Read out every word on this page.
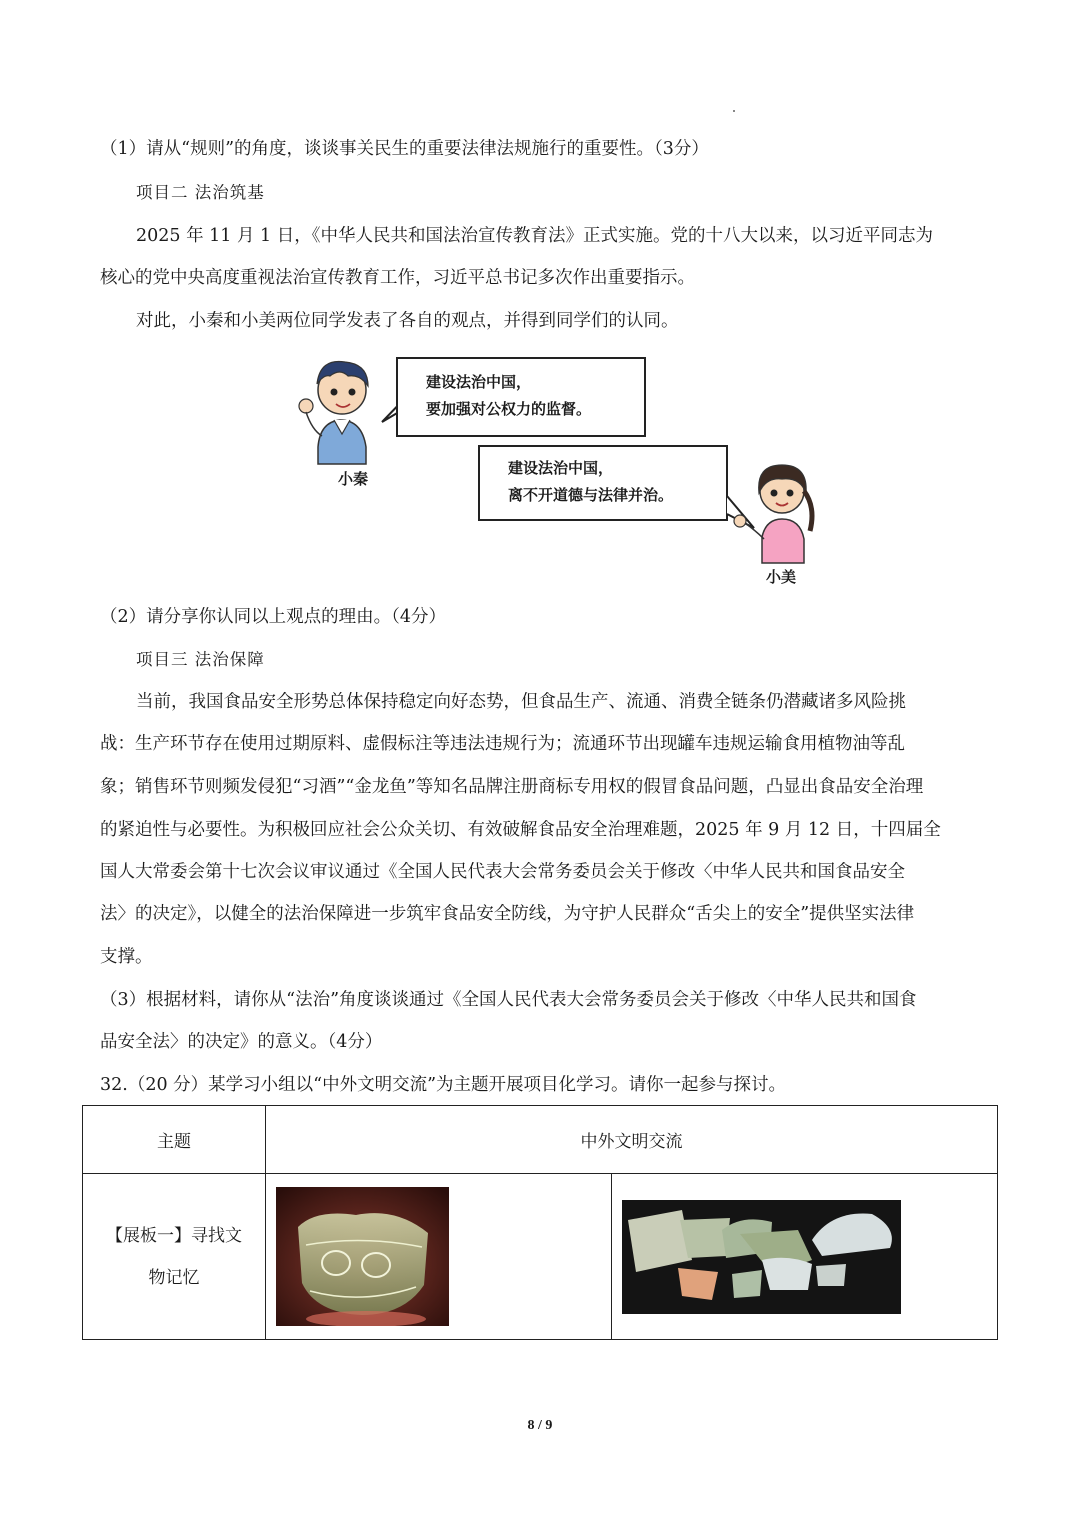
（1）请从“规则”的角度，谈谈事关民生的重要法律法规施行的重要性。（3分）
项目二 法治筑基
2025 年 11 月 1 日，《中华人民共和国法治宣传教育法》正式实施。党的十八大以来，以习近平同志为
核心的党中央高度重视法治宣传教育工作，习近平总书记多次作出重要指示。
对此，小秦和小美两位同学发表了各自的观点，并得到同学们的认同。
小秦
建设法治中国，
要加强对公权力的监督。
建设法治中国，
离不开道德与法律并治。
小美
（2）请分享你认同以上观点的理由。（4分）
项目三 法治保障
当前，我国食品安全形势总体保持稳定向好态势，但食品生产、流通、消费全链条仍潜藏诸多风险挑
战：生产环节存在使用过期原料、虚假标注等违法违规行为；流通环节出现罐车违规运输食用植物油等乱
象；销售环节则频发侵犯“习酒”“金龙鱼”等知名品牌注册商标专用权的假冒食品问题，凸显出食品安全治理
的紧迫性与必要性。为积极回应社会公众关切、有效破解食品安全治理难题，2025 年 9 月 12 日，十四届全
国人大常委会第十七次会议审议通过《全国人民代表大会常务委员会关于修改〈中华人民共和国食品安全
法〉的决定》，以健全的法治保障进一步筑牢食品安全防线，为守护人民群众“舌尖上的安全”提供坚实法律
支撑。
（3）根据材料，请你从“法治”角度谈谈通过《全国人民代表大会常务委员会关于修改〈中华人民共和国食
品安全法〉的决定》的意义。（4分）
32.（20 分）某学习小组以“中外文明交流”为主题开展项目化学习。请你一起参与探讨。
主题	中外文明交流	

【展板一】寻找文
物记忆

8 / 9
